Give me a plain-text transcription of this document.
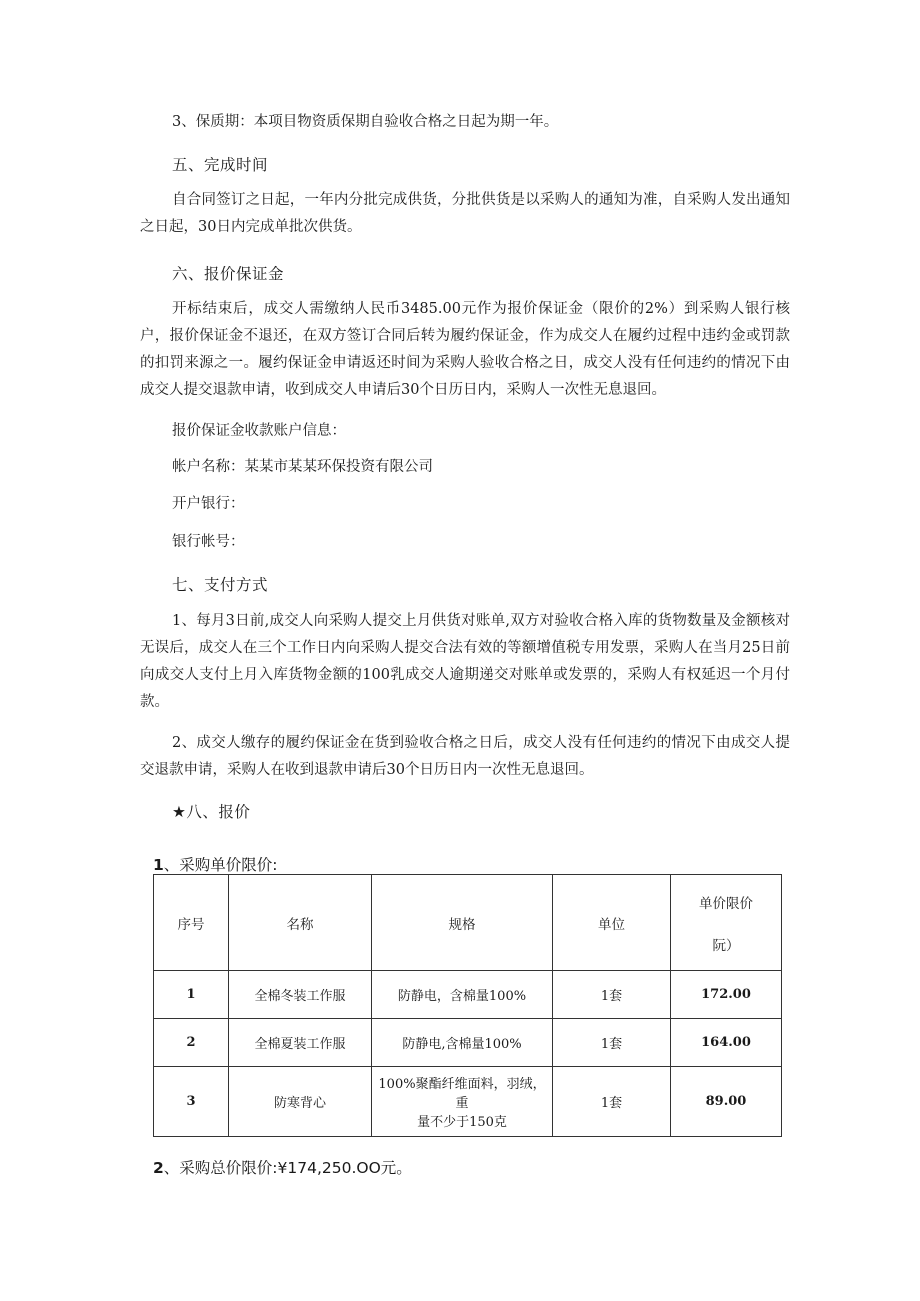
3、保质期：本项目物资质保期自验收合格之日起为期一年。

五、完成时间

自合同签订之日起，一年内分批完成供货，分批供货是以采购人的通知为准，自采购人发出通知之日起，30日内完成单批次供货。

六、报价保证金

开标结束后，成交人需缴纳人民币3485.00元作为报价保证金（限价的2%）到采购人银行核户，报价保证金不退还，在双方签订合同后转为履约保证金，作为成交人在履约过程中违约金或罚款的扣罚来源之一。履约保证金申请返还时间为采购人验收合格之日，成交人没有任何违约的情况下由成交人提交退款申请，收到成交人申请后30个日历日内，采购人一次性无息退回。

报价保证金收款账户信息：

帐户名称：某某市某某环保投资有限公司

开户银行：

银行帐号：

七、支付方式

1、每月3日前,成交人向采购人提交上月供货对账单,双方对验收合格入库的货物数量及金额核对无误后，成交人在三个工作日内向采购人提交合法有效的等额增值税专用发票，采购人在当月25日前向成交人支付上月入库货物金额的100乳成交人逾期递交对账单或发票的，采购人有权延迟一个月付款。

2、成交人缴存的履约保证金在货到验收合格之日后，成交人没有任何违约的情况下由成交人提交退款申请，采购人在收到退款申请后30个日历日内一次性无息退回。

★八、报价

1、采购单价限价:

序号	名称	规格	单位	单价限价
阮）

1	全棉冬装工作服	防静电，含棉量100%	1套	172.00
2	全棉夏装工作服	防静电,含棉量100%	1套	164.00
3	防寒背心	100%聚酯纤维面料，羽绒，重
量不少于150克	1套	89.00

2、采购总价限价:¥174,250.OO元。
